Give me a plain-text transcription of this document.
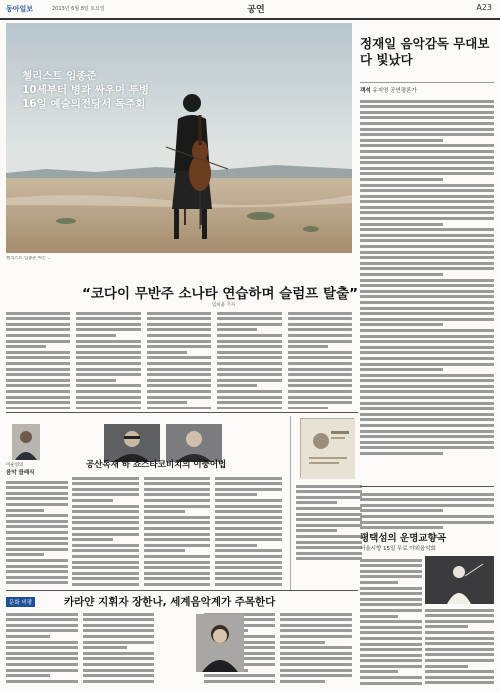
동아일보	2013년 6월 8일 토요일	공연	A23
첼리스트 임종준
10세부터 병과 싸우며 투병
16일 예술의전당서 독주회
첼리스트 임종준 씨는 ...
정재일 음악감독 무대보다 빛났다
객석 유지영 공연평론가
“코다이 무반주 소나타 연습하며 슬럼프 탈출”
임희윤 기자
이순영의
음악 클래식
공산독재 하 쇼스타코비치의 이중어법
문화 비평	카라얀 지휘자 장한나, 세계음악계가 주목한다
평택섬의 운명교향곡
서울시향 15일 무료 야외음악회
